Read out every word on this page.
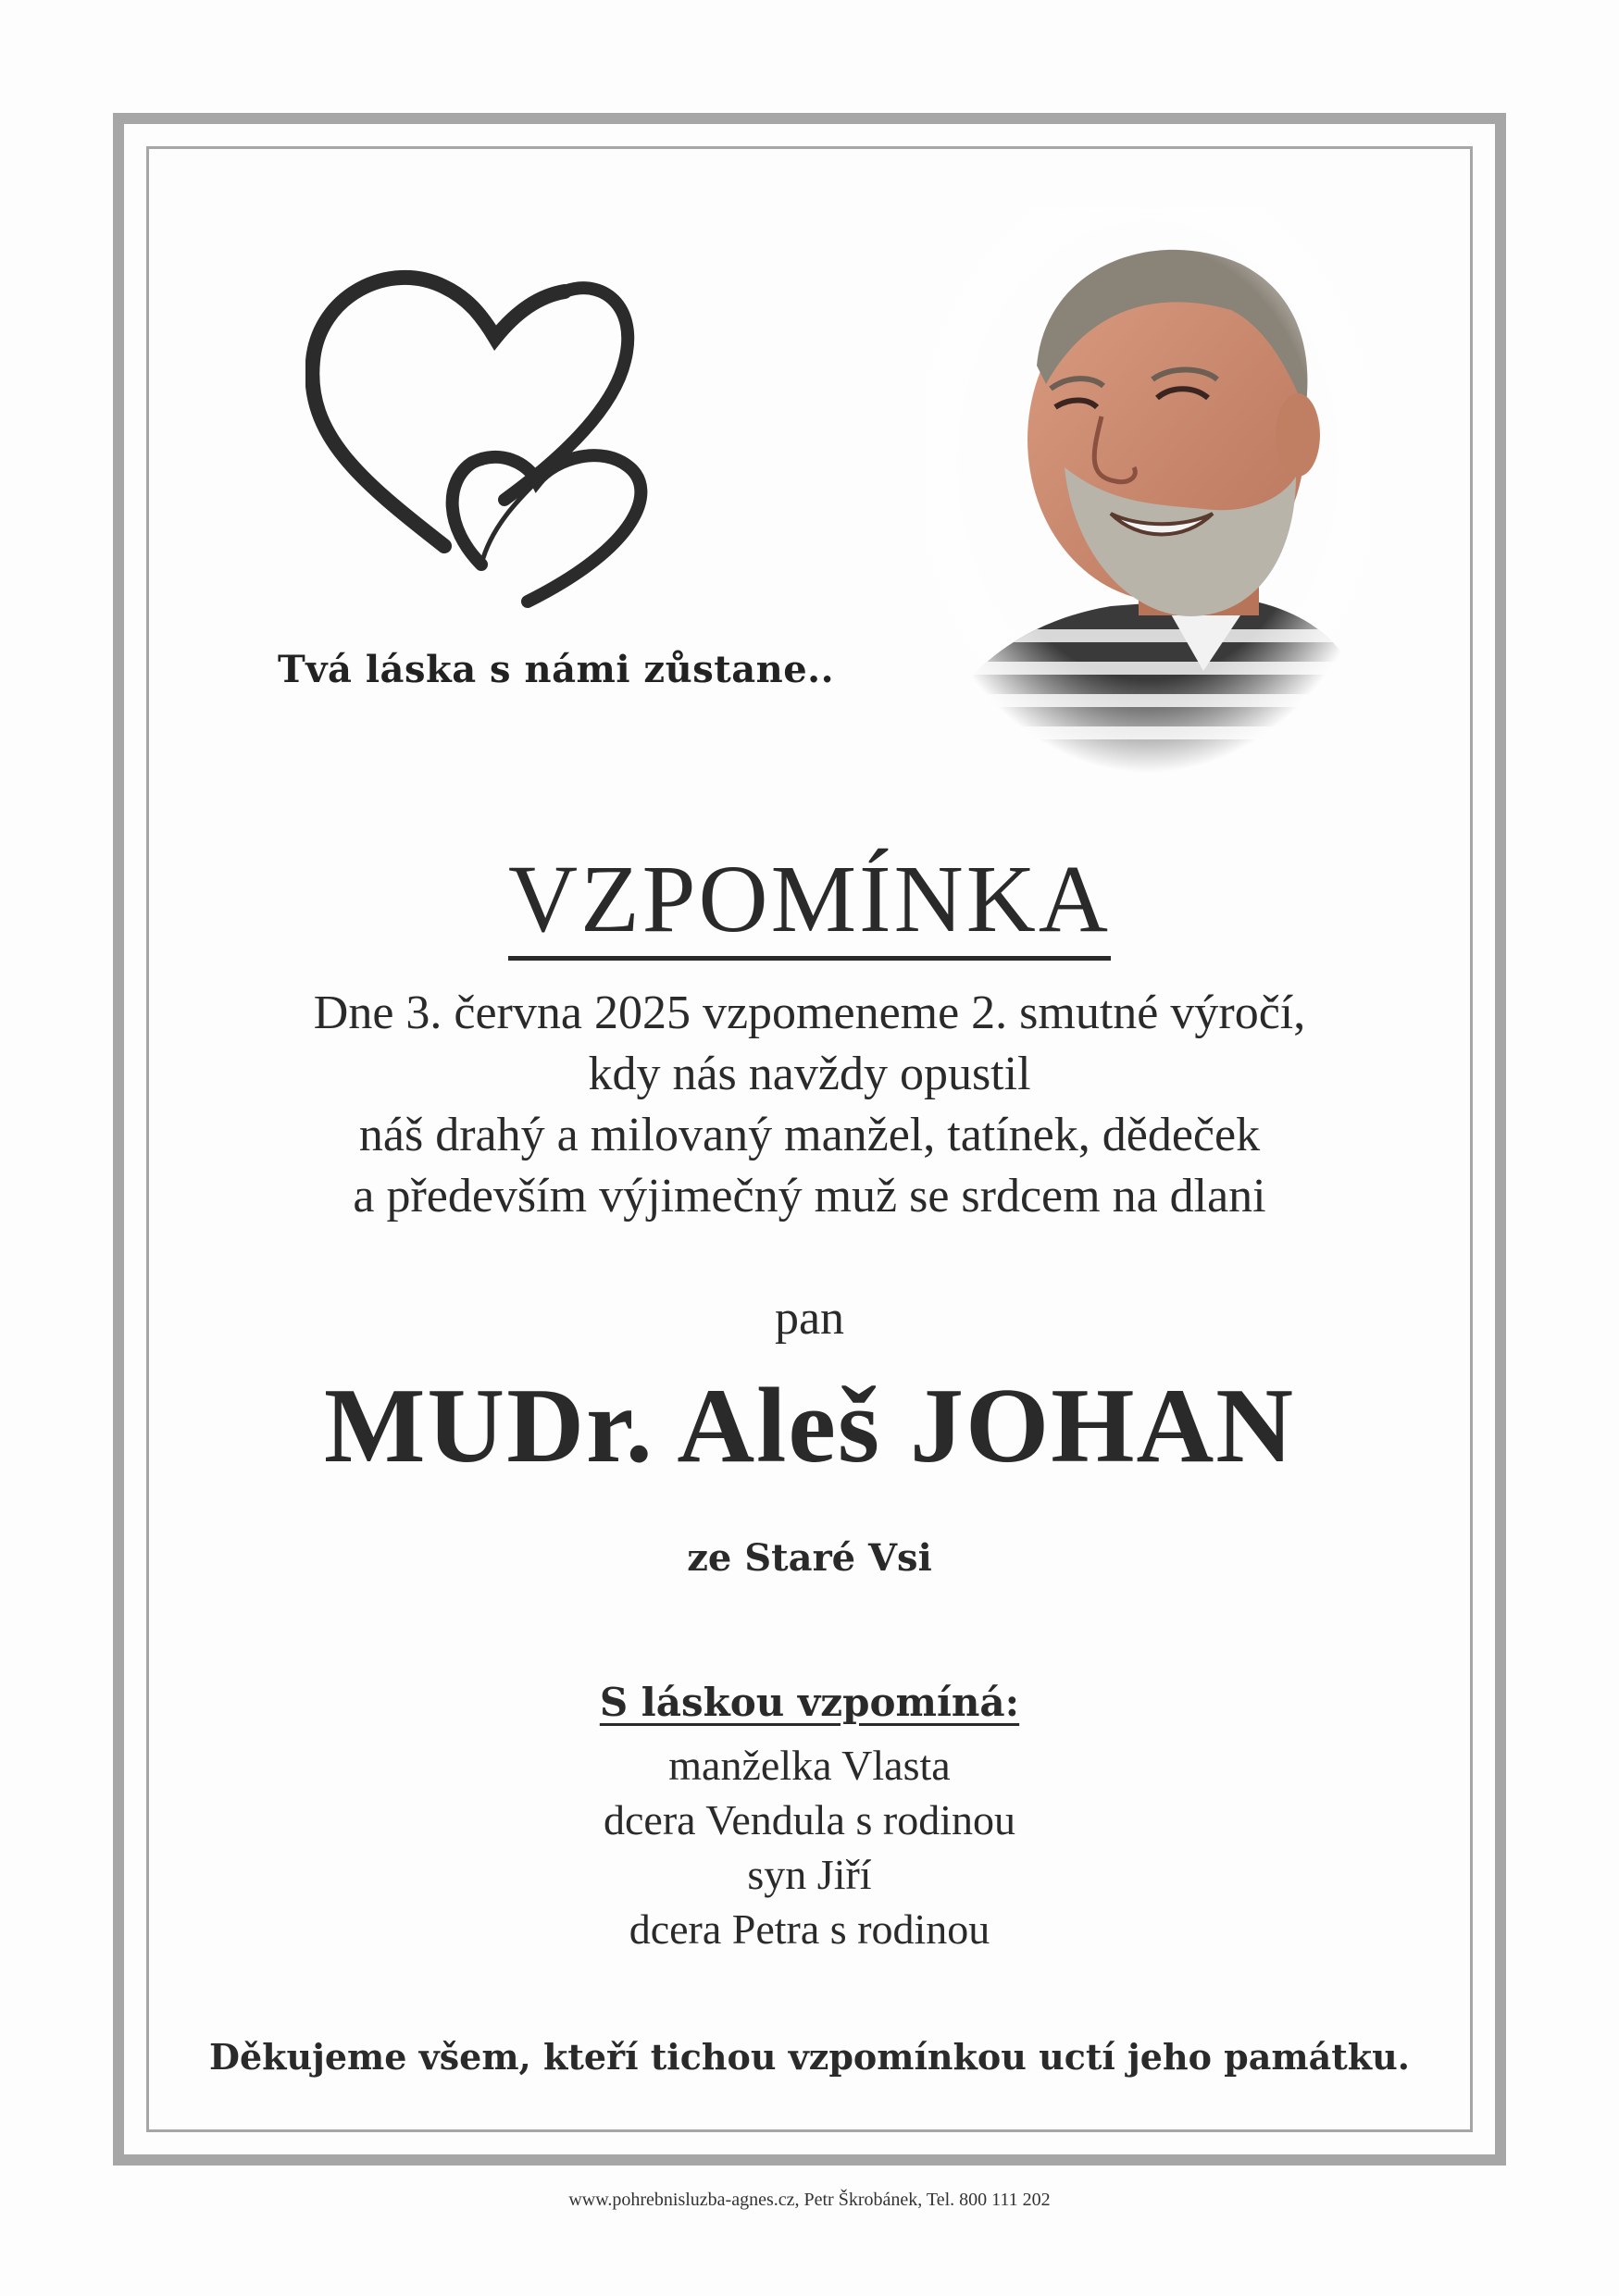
Tvá láska s námi zůstane..
VZPOMÍNKA
Dne 3. června 2025 vzpomeneme 2. smutné výročí,
kdy nás navždy opustil
náš drahý a milovaný manžel, tatínek, dědeček
a především výjimečný muž se srdcem na dlani
pan
MUDr. Aleš JOHAN
ze Staré Vsi
S láskou vzpomíná:
manželka Vlasta
dcera Vendula s rodinou
syn Jiří
dcera Petra s rodinou
Děkujeme všem, kteří tichou vzpomínkou uctí jeho památku.
www.pohrebnisluzba-agnes.cz, Petr Škrobánek, Tel. 800 111 202
